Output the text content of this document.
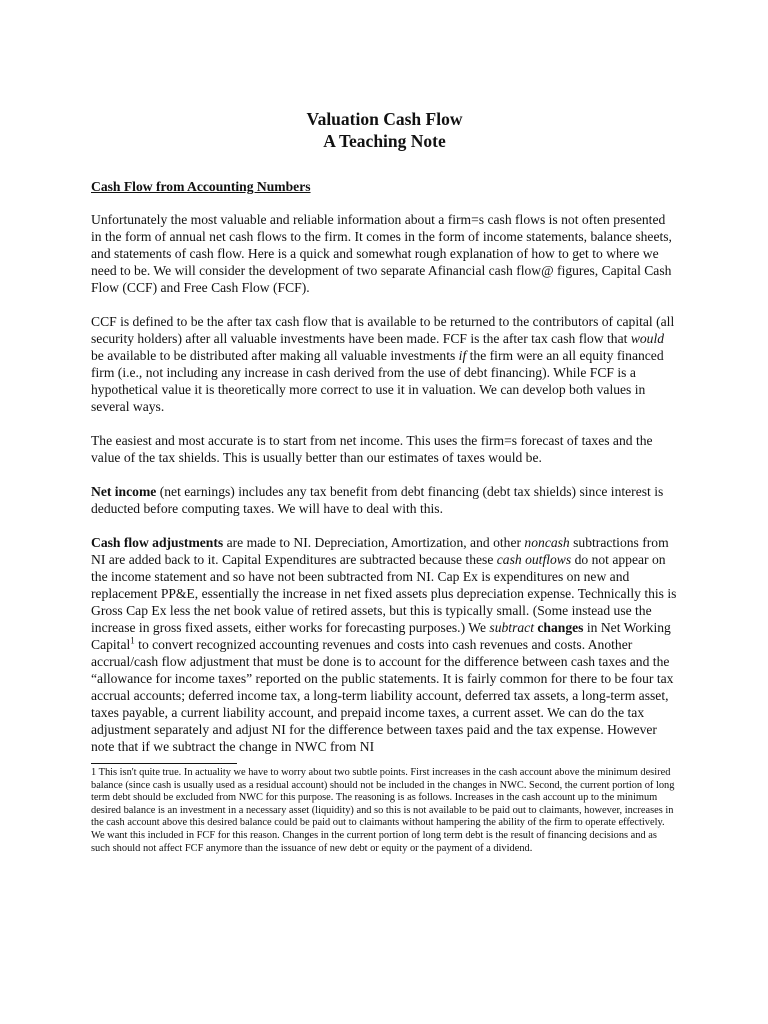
Valuation Cash Flow
A Teaching Note
Cash Flow from Accounting Numbers

Unfortunately the most valuable and reliable information about a firm=s cash flows is not often presented in the form of annual net cash flows to the firm. It comes in the form of income statements, balance sheets, and statements of cash flow. Here is a quick and somewhat rough explanation of how to get to where we need to be. We will consider the development of two separate Afinancial cash flow@ figures, Capital Cash Flow (CCF) and Free Cash Flow (FCF).

CCF is defined to be the after tax cash flow that is available to be returned to the contributors of capital (all security holders) after all valuable investments have been made. FCF is the after tax cash flow that would be available to be distributed after making all valuable investments if the firm were an all equity financed firm (i.e., not including any increase in cash derived from the use of debt financing). While FCF is a hypothetical value it is theoretically more correct to use it in valuation. We can develop both values in several ways.

The easiest and most accurate is to start from net income. This uses the firm=s forecast of taxes and the value of the tax shields. This is usually better than our estimates of taxes would be.

Net income (net earnings) includes any tax benefit from debt financing (debt tax shields) since interest is deducted before computing taxes. We will have to deal with this.

Cash flow adjustments are made to NI. Depreciation, Amortization, and other noncash subtractions from NI are added back to it. Capital Expenditures are subtracted because these cash outflows do not appear on the income statement and so have not been subtracted from NI. Cap Ex is expenditures on new and replacement PP&E, essentially the increase in net fixed assets plus depreciation expense. Technically this is Gross Cap Ex less the net book value of retired assets, but this is typically small. (Some instead use the increase in gross fixed assets, either works for forecasting purposes.) We subtract changes in Net Working Capital$^1$ to convert recognized accounting revenues and costs into cash revenues and costs. Another accrual/cash flow adjustment that must be done is to account for the difference between cash taxes and the “allowance for income taxes” reported on the public statements. It is fairly common for there to be four tax accrual accounts; deferred income tax, a long-term liability account, deferred tax assets, a long-term asset, taxes payable, a current liability account, and prepaid income taxes, a current asset. We can do the tax adjustment separately and adjust NI for the difference between taxes paid and the tax expense. However note that if we subtract the change in NWC from NI

1 This isn't quite true. In actuality we have to worry about two subtle points. First increases in the cash account above the minimum desired balance (since cash is usually used as a residual account) should not be included in the changes in NWC. Second, the current portion of long term debt should be excluded from NWC for this purpose. The reasoning is as follows. Increases in the cash account up to the minimum desired balance is an investment in a necessary asset (liquidity) and so this is not available to be paid out to claimants, however, increases in the cash account above this desired balance could be paid out to claimants without hampering the ability of the firm to operate effectively. We want this included in FCF for this reason. Changes in the current portion of long term debt is the result of financing decisions and as such should not affect FCF anymore than the issuance of new debt or equity or the payment of a dividend.
